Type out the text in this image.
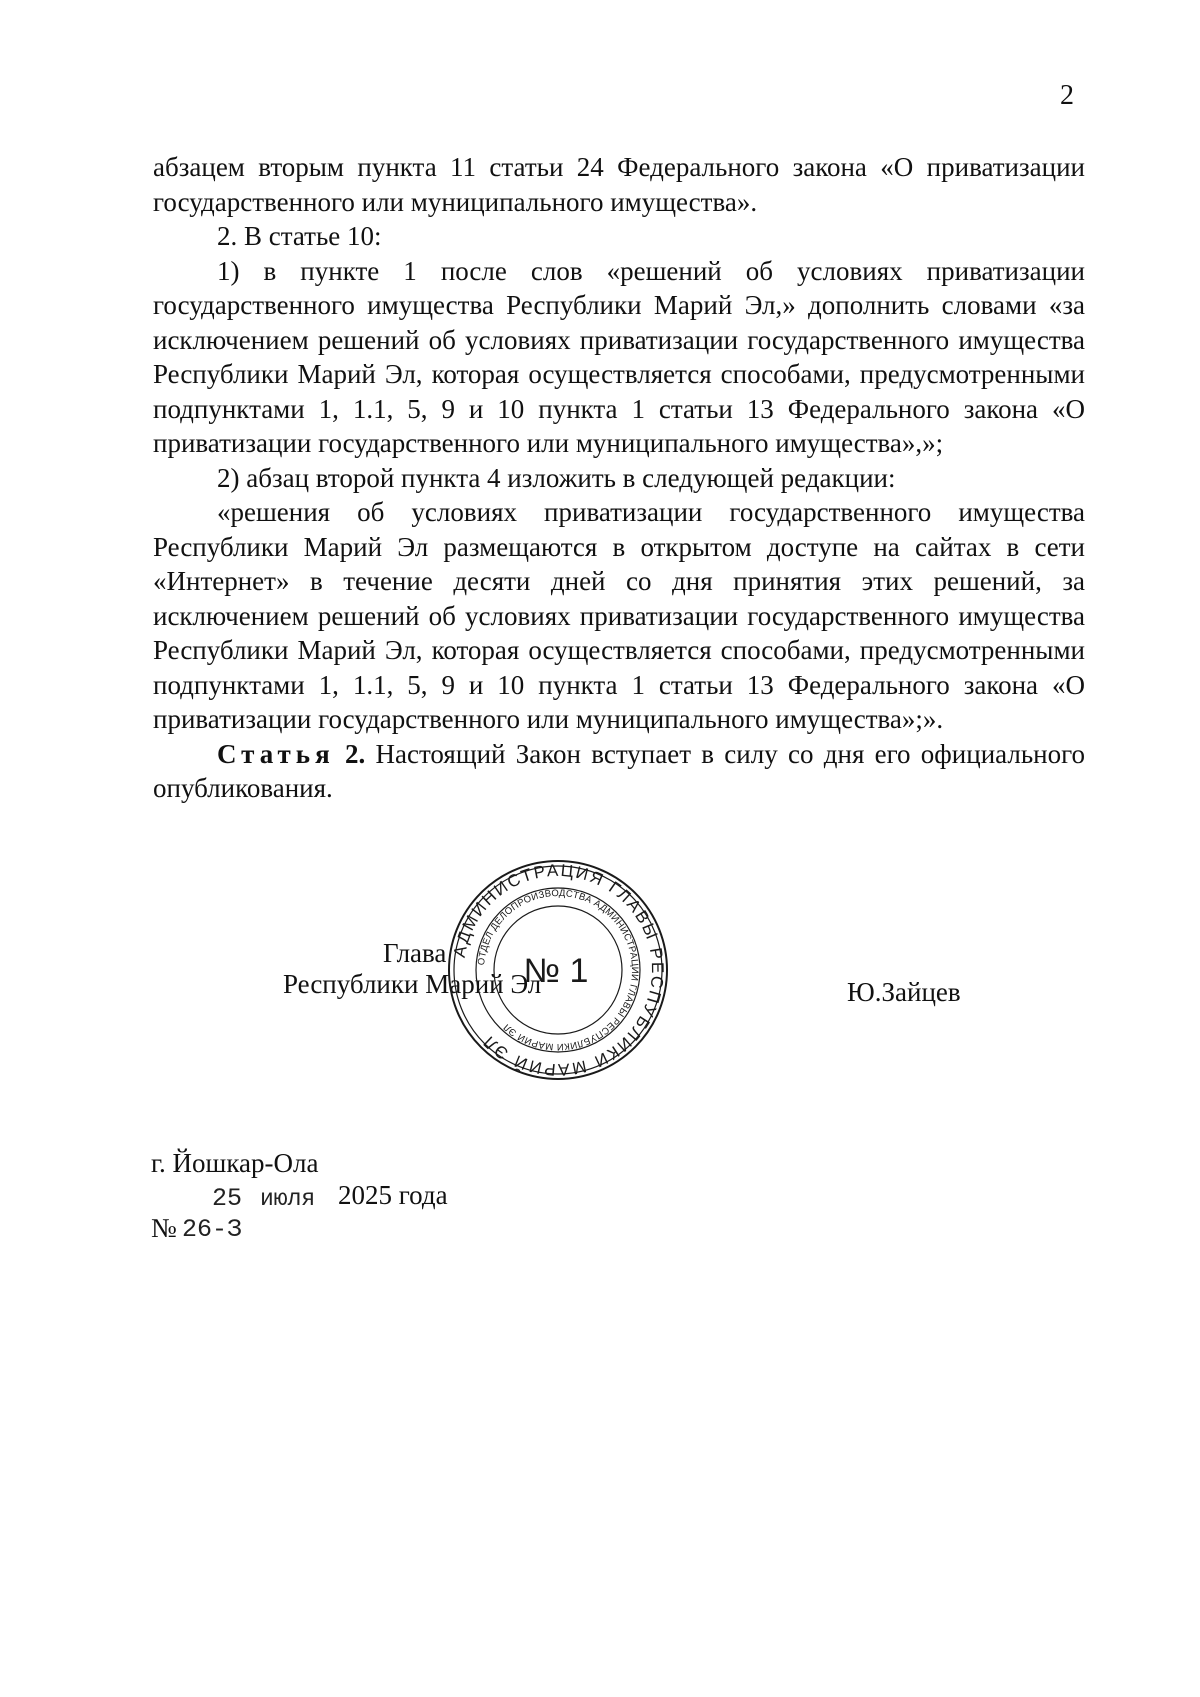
2

абзацем вторым пункта 11 статьи 24 Федерального закона «О приватизации государственного или муниципального имущества».

2. В статье 10:

1) в пункте 1 после слов «решений об условиях приватизации государственного имущества Республики Марий Эл,» дополнить словами «за исключением решений об условиях приватизации государственного имущества Республики Марий Эл, которая осуществляется способами, предусмотренными подпунктами 1, 1.1, 5, 9 и 10 пункта 1 статьи 13 Федерального закона «О приватизации государственного или муниципального имущества»,»;

2) абзац второй пункта 4 изложить в следующей редакции:

«решения об условиях приватизации государственного имущества Республики Марий Эл размещаются в открытом доступе на сайтах в сети «Интернет» в течение десяти дней со дня принятия этих решений, за исключением решений об условиях приватизации государственного имущества Республики Марий Эл, которая осуществляется способами, предусмотренными подпунктами 1, 1.1, 5, 9 и 10 пункта 1 статьи 13 Федерального закона «О приватизации государственного или муниципального имущества»;».

Статья 2. Настоящий Закон вступает в силу со дня его официального опубликования.

Глава
Республики Марий Эл	Ю.Зайцев
АДМИНИСТРАЦИЯ ГЛАВЫ РЕСПУБЛИКИ МАРИЙ ЭЛ
ОТДЕЛ ДЕЛОПРОИЗВОДСТВА АДМИНИСТРАЦИИ ГЛАВЫ РЕСПУБЛИКИ МАРИЙ ЭЛ
№ 1
г. Йошкар-Ола
25 июля 2025 года
№ 26-З
